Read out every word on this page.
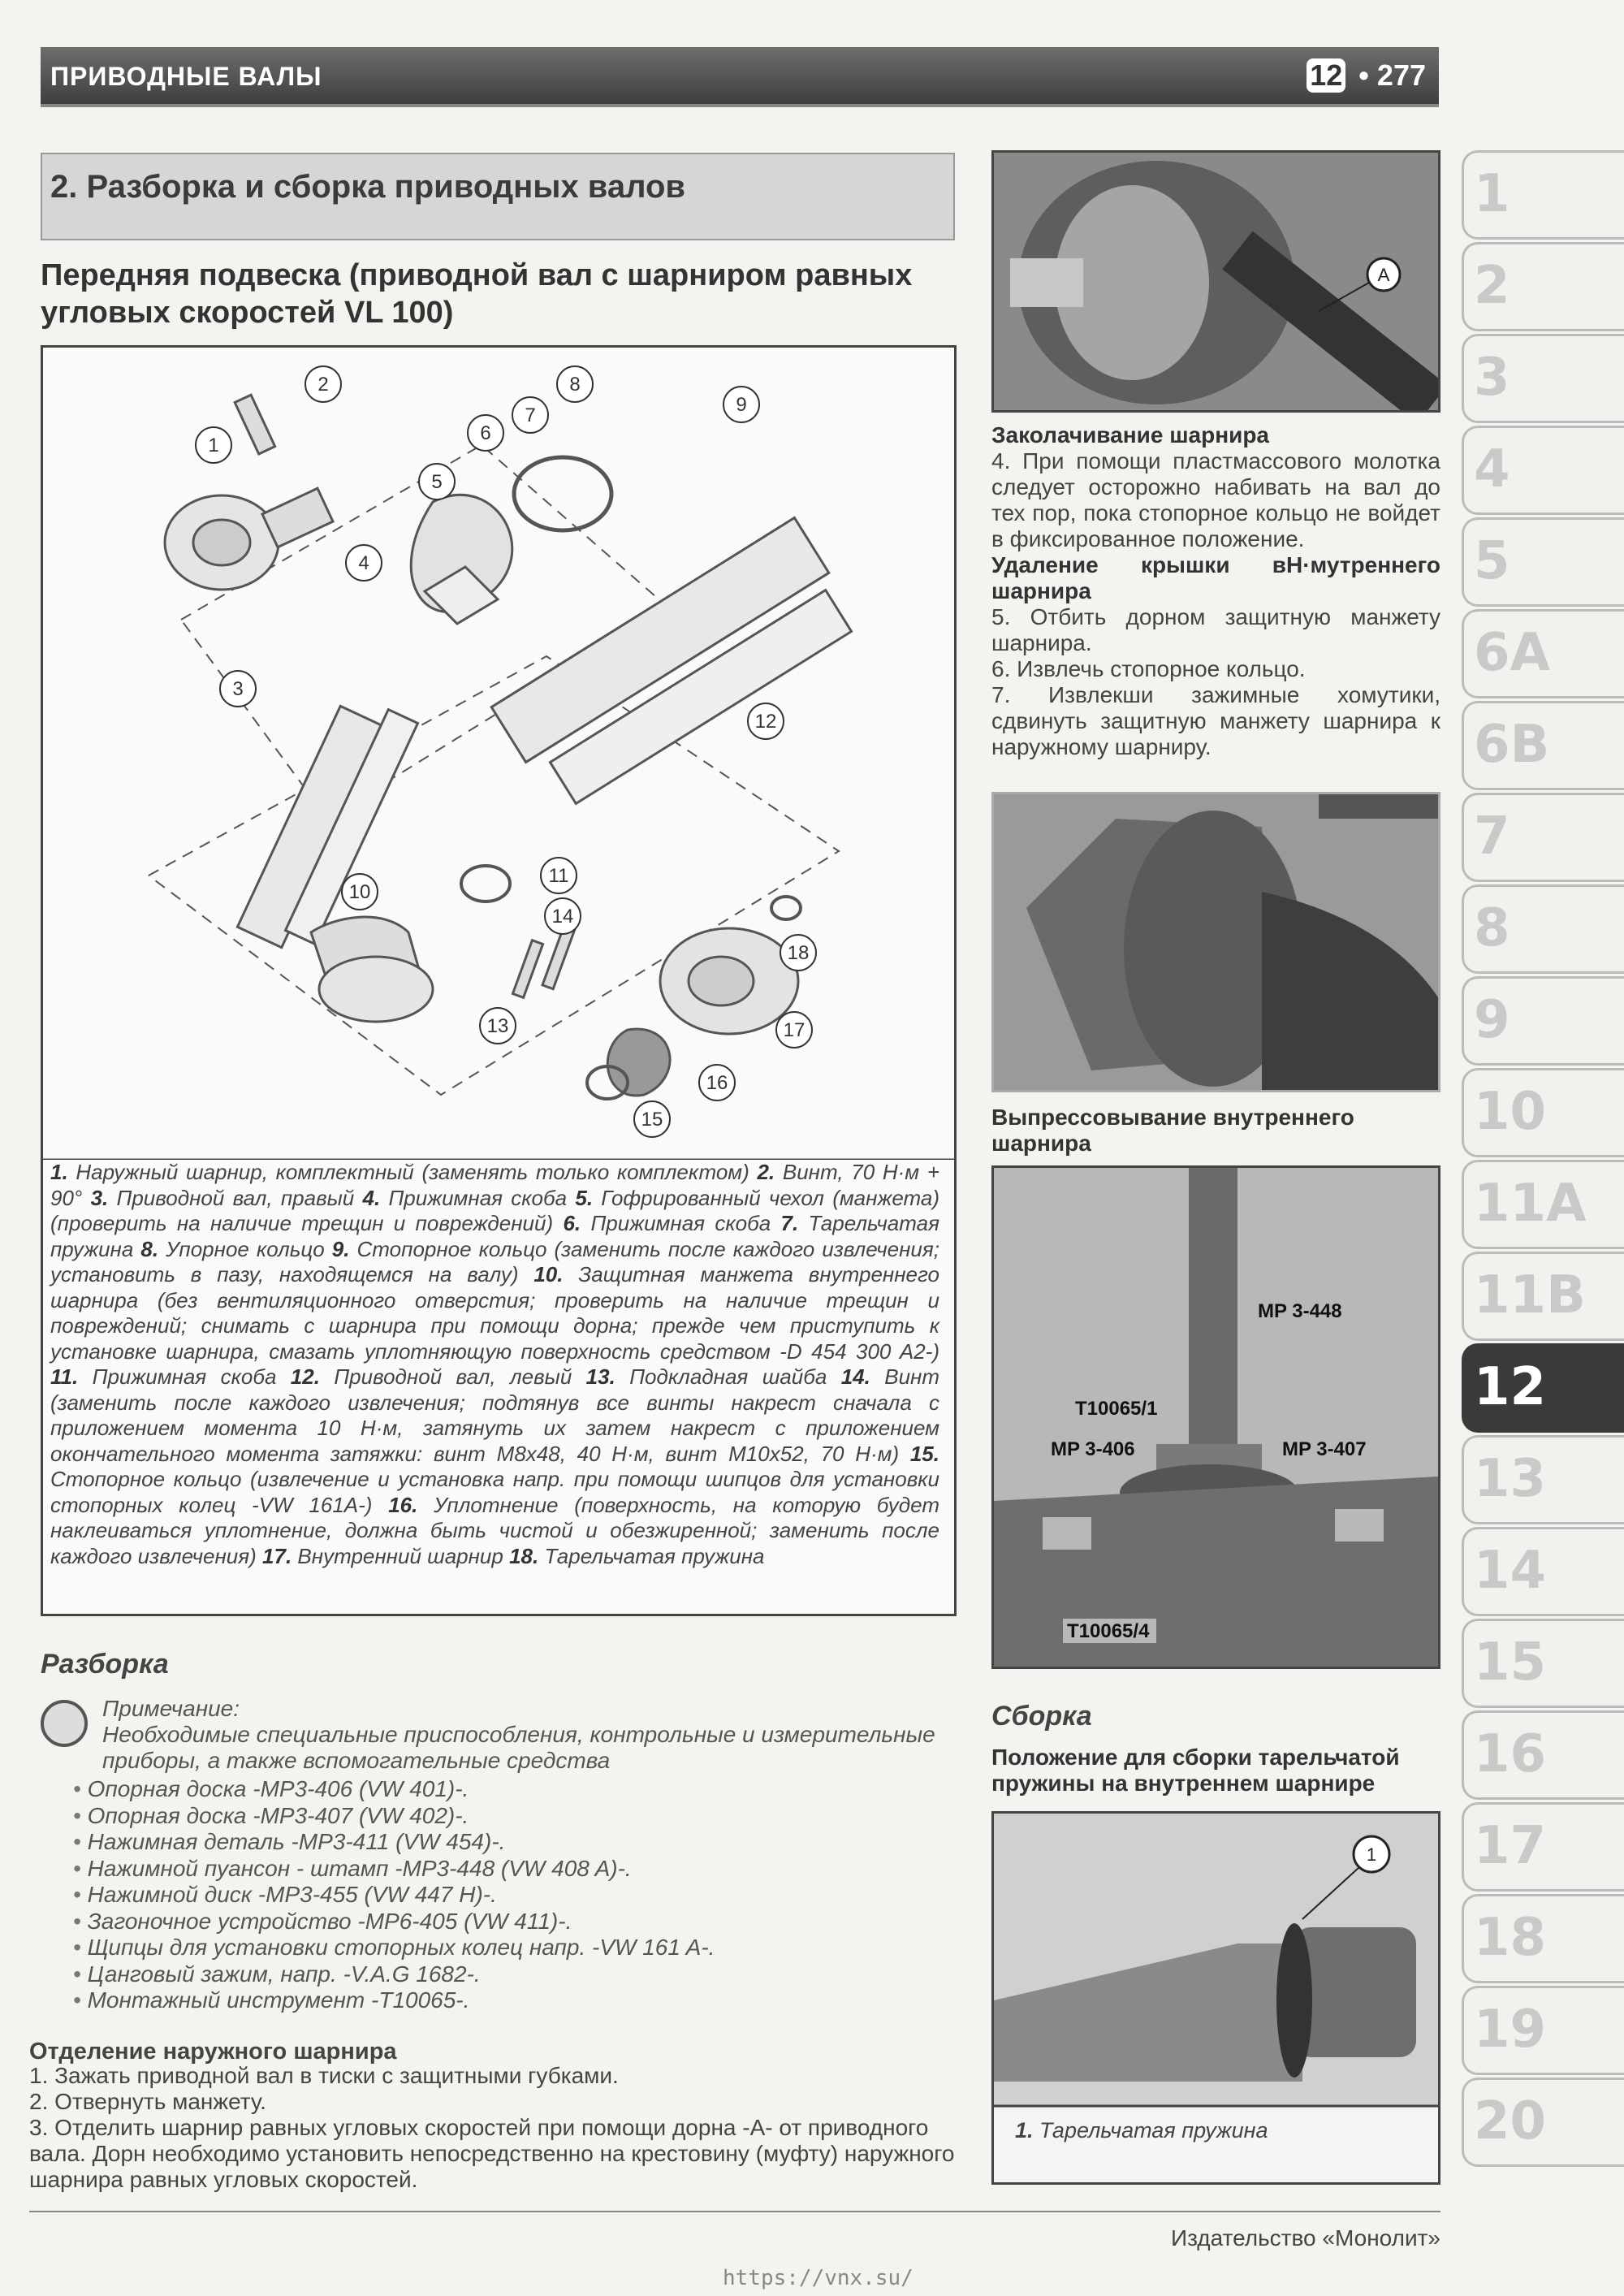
ПРИВОДНЫЕ ВАЛЫ	12 • 277
2. Разборка и сборка приводных валов
Передняя подвеска (приводной вал с шарниром равных угловых скоростей VL 100)
1
2
3
4
5
6
7
8
9
10
11
12
13
14
15
16
17
18
1. Наружный шарнир, комплектный (заменять только комплектом) 2. Винт, 70 Н·м + 90° 3. Приводной вал, правый 4. Прижимная скоба 5. Гофрированный чехол (манжета) (проверить на наличие трещин и повреждений) 6. Прижимная скоба 7. Тарельчатая пружина 8. Упорное кольцо 9. Стопорное кольцо (заменить после каждого извлечения; установить в пазу, находящемся на валу) 10. Защитная манжета внутреннего шарнира (без вентиляционного отверстия; проверить на наличие трещин и повреждений; снимать с шарнира при помощи дорна; прежде чем приступить к установке шарнира, смазать уплотняющую поверхность средством -D 454 300 A2-) 11. Прижимная скоба 12. Приводной вал, левый 13. Подкладная шайба 14. Винт (заменить после каждого извлечения; подтянув все винты накрест сначала с приложением момента 10 Н·м, затянуть их затем накрест с приложением окончательного момента затяжки: винт M8x48, 40 Н·м, винт M10x52, 70 Н·м) 15. Стопорное кольцо (извлечение и установка напр. при помощи шипцов для установки стопорных колец -VW 161A-) 16. Уплотнение (поверхность, на которую будет наклеиваться уплотнение, должна быть чистой и обезжиренной; заменить после каждого извлечения) 17. Внутренний шарнир 18. Тарельчатая пружина
Разборка
Примечание:
Необходимые специальные приспособления, контрольные и измерительные приборы, а также вспомогательные средства
• Опорная доска -MP3-406 (VW 401)-.
• Опорная доска -MP3-407 (VW 402)-.
• Нажимная деталь -MP3-411 (VW 454)-.
• Нажимной пуансон - штамп -MP3-448 (VW 408 A)-.
• Нажимной диск -MP3-455 (VW 447 H)-.
• Загоночное устройство -MP6-405 (VW 411)-.
• Щипцы для установки стопорных колец напр. -VW 161 A-.
• Цанговый зажим, напр. -V.A.G 1682-.
• Монтажный инструмент -T10065-.
Отделение наружного шарнира
1. Зажать приводной вал в тиски с защитными губками.
2. Отвернуть манжету.
3. Отделить шарнир равных угловых скоростей при помощи дорна -A- от приводного вала. Дорн необходимо установить непосредственно на крестовину (муфту) наружного шарнира равных угловых скоростей.
A
Заколачивание шарнира
4. При помощи пластмассового молотка следует осторожно набивать на вал до тех пор, пока стопорное кольцо не войдет в фиксированное положение.
Удаление крышки вН·мутреннего шарнира
5. Отбить дорном защитную манжету шарнира.
6. Извлечь стопорное кольцо.
7. Извлекши зажимные хомутики, сдвинуть защитную манжету шарнира к наружному шарниру.
Выпрессовывание внутреннего шарнира
MP 3-448
T10065/1
MP 3-406	MP 3-407
T10065/4
Сборка
Положение для сборки тарельчатой пружины на внутреннем шарнире
1
1. Тарельчатая пружина
1
2
3
4
5
6A
6B
7
8
9
10
11A
11B
12
13
14
15
16
17
18
19
20
Издательство «Монолит»
https://vnx.su/
